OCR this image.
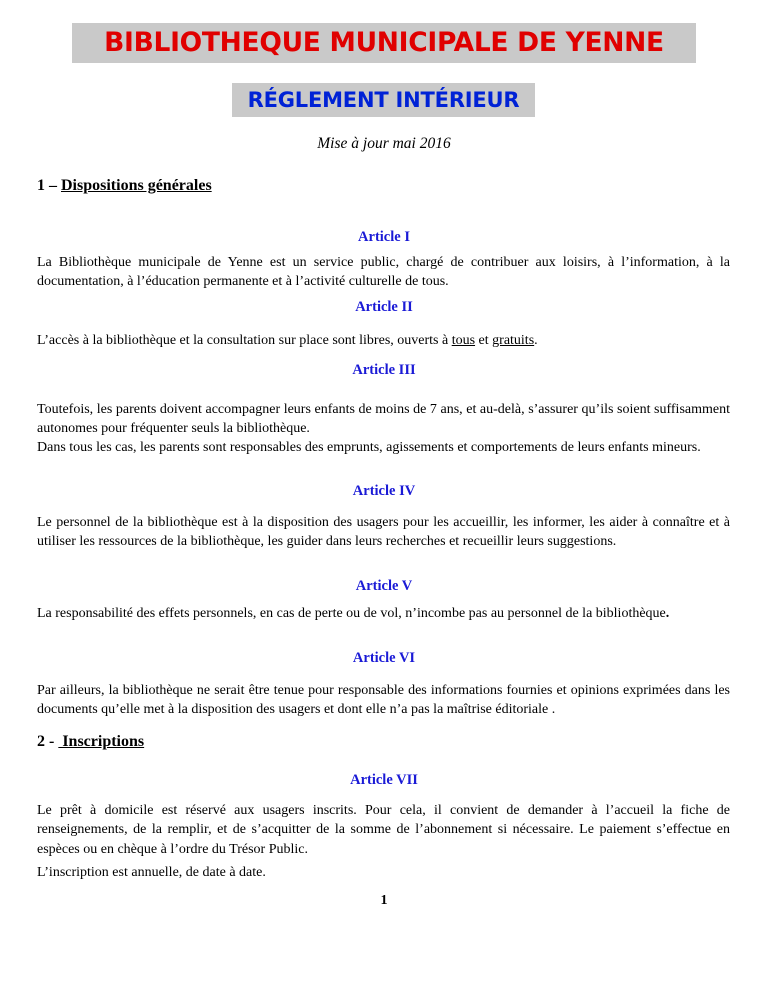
BIBLIOTHEQUE MUNICIPALE DE YENNE
RÉGLEMENT INTÉRIEUR
Mise à jour mai 2016
1 – Dispositions générales
Article I
La Bibliothèque municipale de Yenne est un service public, chargé de contribuer aux loisirs, à l’information, à la documentation, à l’éducation permanente et à l’activité culturelle de tous.
Article II
L’accès à la bibliothèque et la consultation sur place sont libres, ouverts à tous et gratuits.
Article III
Toutefois, les parents doivent accompagner leurs enfants de moins de 7 ans, et au-delà, s’assurer qu’ils soient suffisamment autonomes pour fréquenter seuls la bibliothèque.
Dans tous les cas, les parents sont responsables des emprunts, agissements et comportements de leurs enfants mineurs.
Article IV
Le personnel de la bibliothèque est à la disposition des usagers pour les accueillir, les informer, les aider à connaître et à utiliser les ressources de la bibliothèque, les guider dans leurs recherches et recueillir leurs suggestions.
Article V
La responsabilité des effets personnels, en cas de perte ou de vol, n’incombe pas au personnel de la bibliothèque.
Article VI
Par ailleurs, la bibliothèque ne serait être tenue pour responsable des informations fournies et opinions exprimées dans les documents qu’elle met à la disposition des usagers et dont elle n’a pas la maîtrise éditoriale .
2 -  Inscriptions
Article VII
Le prêt à domicile est réservé aux usagers inscrits. Pour cela, il convient de demander à l’accueil la fiche de renseignements, de la remplir, et de s’acquitter de la somme de l’abonnement si nécessaire. Le paiement s’effectue en espèces ou en chèque à l’ordre du Trésor Public.
L’inscription est annuelle, de date à date.
1
